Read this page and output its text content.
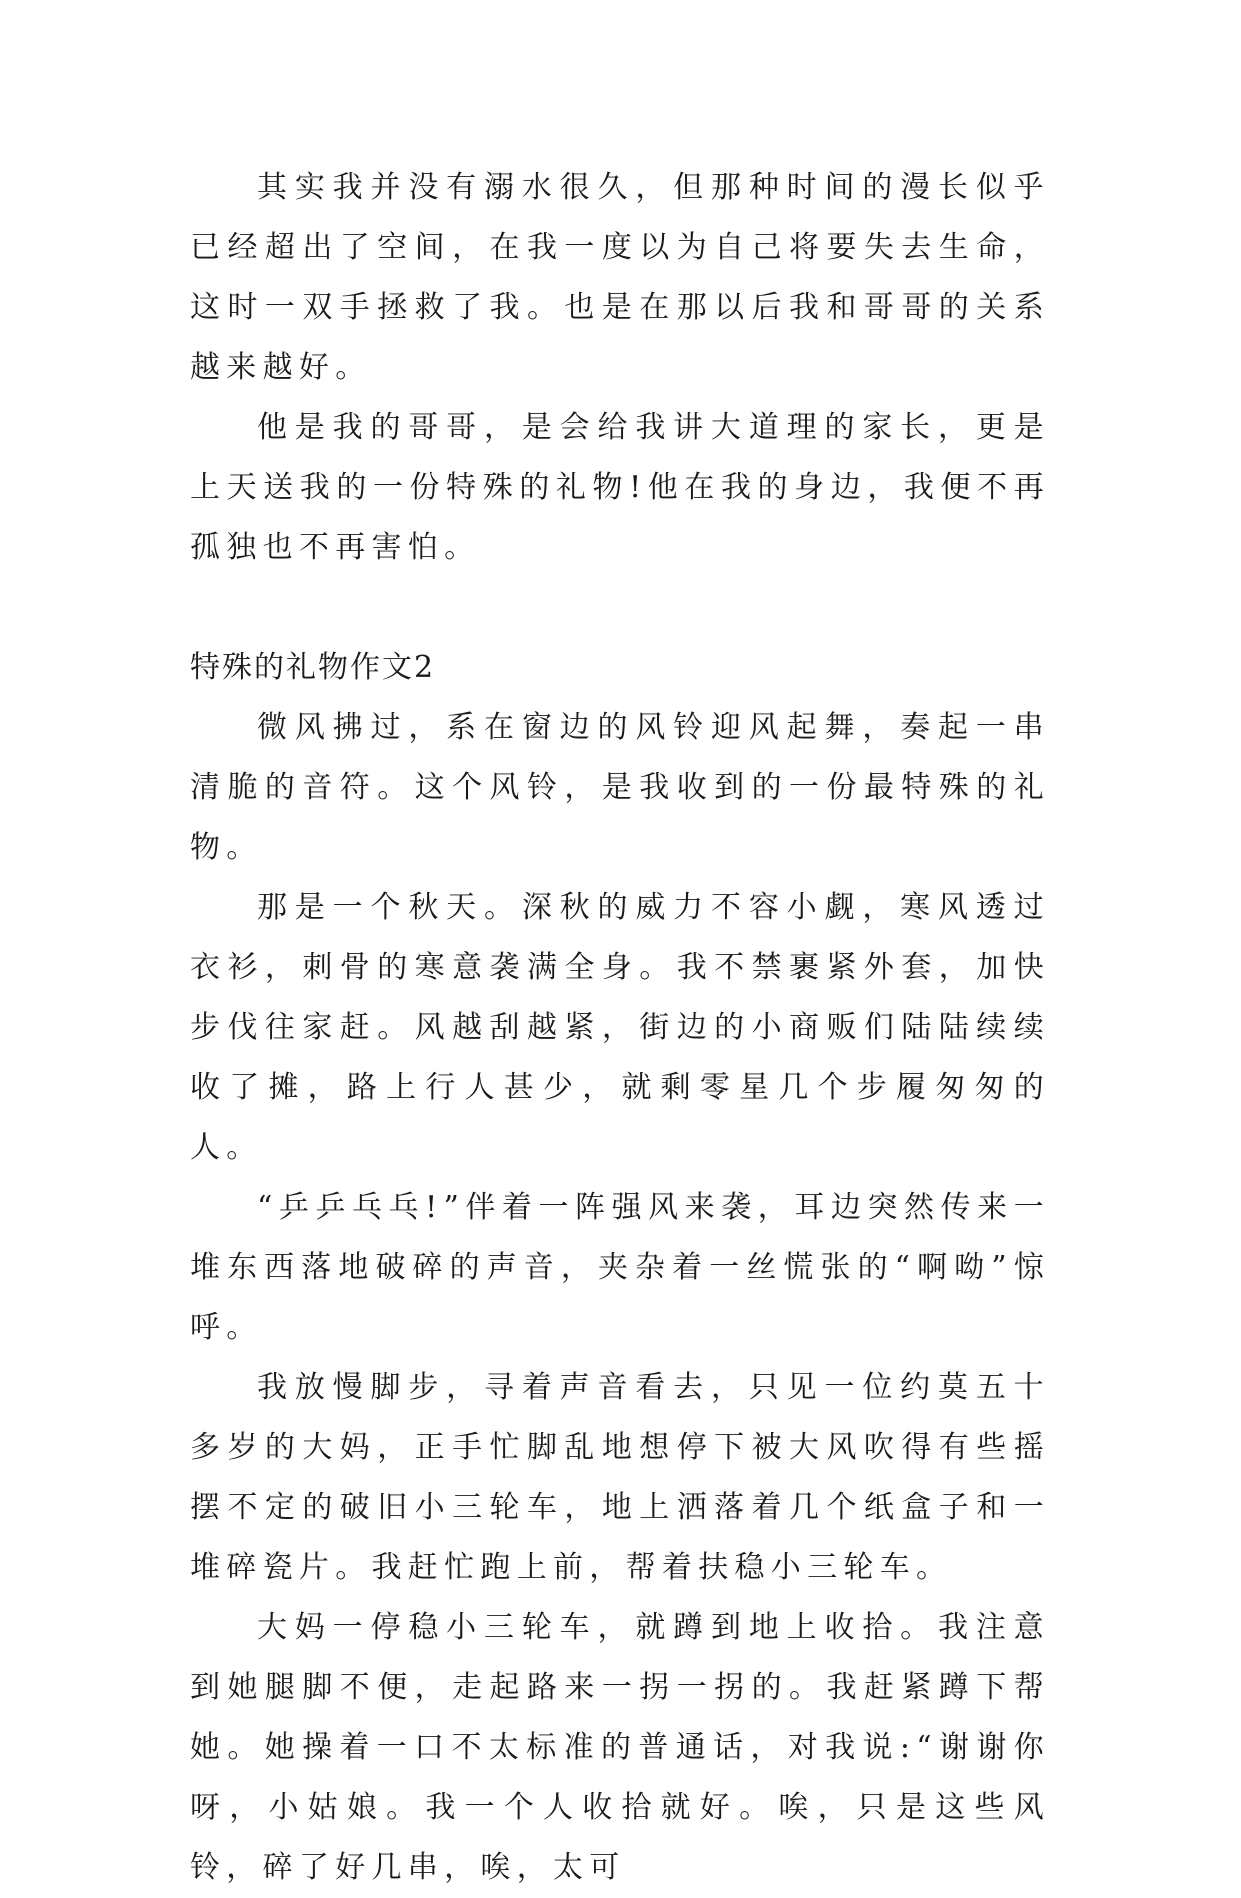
其实我并没有溺水很久，但那种时间的漫长似乎已经超出了空间，在我一度以为自己将要失去生命，这时一双手拯救了我。也是在那以后我和哥哥的关系越来越好。

他是我的哥哥，是会给我讲大道理的家长，更是上天送我的一份特殊的礼物!他在我的身边，我便不再孤独也不再害怕。

特殊的礼物作文2

微风拂过，系在窗边的风铃迎风起舞，奏起一串清脆的音符。这个风铃，是我收到的一份最特殊的礼物。

那是一个秋天。深秋的威力不容小觑，寒风透过衣衫，刺骨的寒意袭满全身。我不禁裹紧外套，加快步伐往家赶。风越刮越紧，街边的小商贩们陆陆续续收了摊，路上行人甚少，就剩零星几个步履匆匆的人。

“乒乒乓乓!”伴着一阵强风来袭，耳边突然传来一堆东西落地破碎的声音，夹杂着一丝慌张的“啊呦”惊呼。

我放慢脚步，寻着声音看去，只见一位约莫五十多岁的大妈，正手忙脚乱地想停下被大风吹得有些摇摆不定的破旧小三轮车，地上洒落着几个纸盒子和一堆碎瓷片。我赶忙跑上前，帮着扶稳小三轮车。

大妈一停稳小三轮车，就蹲到地上收拾。我注意到她腿脚不便，走起路来一拐一拐的。我赶紧蹲下帮她。她操着一口不太标准的普通话，对我说:“谢谢你呀，小姑娘。我一个人收拾就好。唉，只是这些风铃，碎了好几串，唉，太可
